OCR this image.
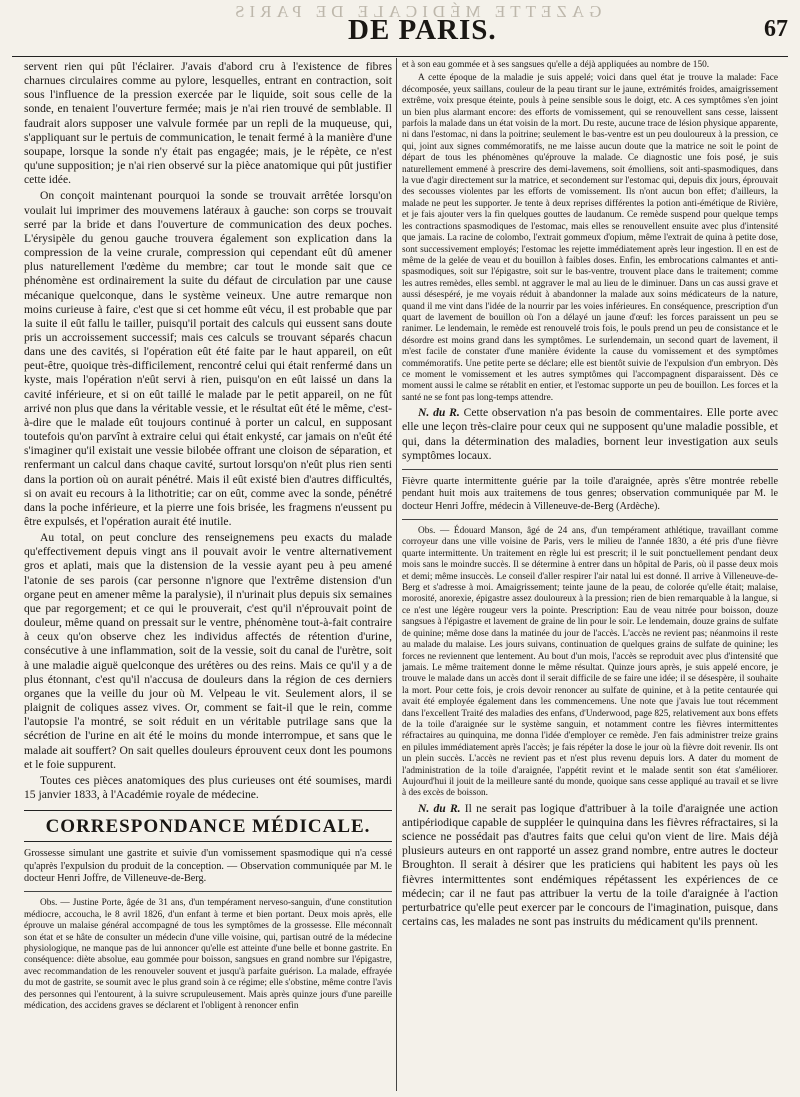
GAZETTE MÉDICALE DE PARIS
DE PARIS.	67

servent rien qui pût l'éclairer. J'avais d'abord cru à l'existence de fibres charnues circulaires comme au pylore, lesquelles, entrant en contraction, soit sous l'influence de la pression exercée par le liquide, soit sous celle de la sonde, en tenaient l'ouverture fermée; mais je n'ai rien trouvé de semblable. Il faudrait alors supposer une valvule formée par un repli de la muqueuse, qui, s'appliquant sur le pertuis de communication, le tenait fermé à la manière d'une soupape, lorsque la sonde n'y était pas engagée; mais, je le répète, ce n'est qu'une supposition; je n'ai rien observé sur la pièce anatomique qui pût justifier cette idée.

On conçoit maintenant pourquoi la sonde se trouvait arrêtée lorsqu'on voulait lui imprimer des mouvemens latéraux à gauche: son corps se trouvait serré par la bride et dans l'ouverture de communication des deux poches. L'érysipèle du genou gauche trouvera également son explication dans la compression de la veine crurale, compression qui cependant eût dû amener plus naturellement l'œdème du membre; car tout le monde sait que ce phénomène est ordinairement la suite du défaut de circulation par une cause mécanique quelconque, dans le système veineux. Une autre remarque non moins curieuse à faire, c'est que si cet homme eût vécu, il est probable que par la suite il eût fallu le tailler, puisqu'il portait des calculs qui eussent sans doute pris un accroissement successif; mais ces calculs se trouvant séparés chacun dans une des cavités, si l'opération eût été faite par le haut appareil, on eût peut-être, quoique très-difficilement, rencontré celui qui était renfermé dans un kyste, mais l'opération n'eût servi à rien, puisqu'on en eût laissé un dans la cavité inférieure, et si on eût taillé le malade par le petit appareil, on ne fût arrivé non plus que dans la véritable vessie, et le résultat eût été le même, c'est-à-dire que le malade eût toujours continué à porter un calcul, en supposant toutefois qu'on parvînt à extraire celui qui était enkysté, car jamais on n'eût été s'imaginer qu'il existait une vessie bilobée offrant une cloison de séparation, et renfermant un calcul dans chaque cavité, surtout lorsqu'on n'eût plus rien senti dans la portion où on aurait pénétré. Mais il eût existé bien d'autres difficultés, si on avait eu recours à la lithotritie; car on eût, comme avec la sonde, pénétré dans la poche inférieure, et la pierre une fois brisée, les fragmens n'eussent pu être expulsés, et l'opération aurait été inutile.

Au total, on peut conclure des renseignemens peu exacts du malade qu'effectivement depuis vingt ans il pouvait avoir le ventre alternativement gros et aplati, mais que la distension de la vessie ayant peu à peu amené l'atonie de ses parois (car personne n'ignore que l'extrême distension d'un organe peut en amener même la paralysie), il n'urinait plus depuis six semaines que par regorgement; et ce qui le prouverait, c'est qu'il n'éprouvait point de douleur, même quand on pressait sur le ventre, phénomène tout-à-fait contraire à ceux qu'on observe chez les individus affectés de rétention d'urine, consécutive à une inflammation, soit de la vessie, soit du canal de l'urètre, soit à une maladie aiguë quelconque des urétères ou des reins. Mais ce qu'il y a de plus étonnant, c'est qu'il n'accusa de douleurs dans la région de ces derniers organes que la veille du jour où M. Velpeau le vit. Seulement alors, il se plaignit de coliques assez vives. Or, comment se fait-il que le rein, comme l'autopsie l'a montré, se soit réduit en un véritable putrilage sans que la sécrétion de l'urine en ait été le moins du monde interrompue, et sans que le malade ait souffert? On sait quelles douleurs éprouvent ceux dont les poumons et le foie suppurent.

Toutes ces pièces anatomiques des plus curieuses ont été soumises, mardi 15 janvier 1833, à l'Académie royale de médecine.

CORRESPONDANCE MÉDICALE.

Grossesse simulant une gastrite et suivie d'un vomissement spasmodique qui n'a cessé qu'après l'expulsion du produit de la conception. — Observation communiquée par M. le docteur Henri Joffre, de Villeneuve-de-Berg.

Obs. — Justine Porte, âgée de 31 ans, d'un tempérament nerveso-sanguin, d'une constitution médiocre, accoucha, le 8 avril 1826, d'un enfant à terme et bien portant. Deux mois après, elle éprouve un malaise général accompagné de tous les symptômes de la grossesse. Elle méconnaît son état et se hâte de consulter un médecin d'une ville voisine, qui, partisan outré de la médecine physiologique, ne manque pas de lui annoncer qu'elle est atteinte d'une belle et bonne gastrite. En conséquence: diète absolue, eau gommée pour boisson, sangsues en grand nombre sur l'épigastre, avec recommandation de les renouveler souvent et jusqu'à parfaite guérison. La malade, effrayée du mot de gastrite, se soumit avec le plus grand soin à ce régime; elle s'obstine, même contre l'avis des personnes qui l'entourent, à la suivre scrupuleusement. Mais après quinze jours d'une pareille médication, des accidens graves se déclarent et l'obligent à renoncer enfin

et à son eau gommée et à ses sangsues qu'elle a déjà appliquées au nombre de 150.

A cette époque de la maladie je suis appelé; voici dans quel état je trouve la malade: Face décomposée, yeux saillans, couleur de la peau tirant sur le jaune, extrémités froides, amaigrissement extrême, voix presque éteinte, pouls à peine sensible sous le doigt, etc. A ces symptômes s'en joint un bien plus alarmant encore: des efforts de vomissement, qui se renouvellent sans cesse, laissent parfois la malade dans un état voisin de la mort. Du reste, aucune trace de lésion physique apparente, ni dans l'estomac, ni dans la poitrine; seulement le bas-ventre est un peu douloureux à la pression, ce qui, joint aux signes commémoratifs, ne me laisse aucun doute que la matrice ne soit le point de départ de tous les phénomènes qu'éprouve la malade. Ce diagnostic une fois posé, je suis naturellement emmené à prescrire des demi-lavemens, soit émolliens, soit anti-spasmodiques, dans la vue d'agir directement sur la matrice, et secondement sur l'estomac qui, depuis dix jours, éprouvait des secousses violentes par les efforts de vomissement. Ils n'ont aucun bon effet; d'ailleurs, la malade ne peut les supporter. Je tente à deux reprises différentes la potion anti-émétique de Rivière, et je fais ajouter vers la fin quelques gouttes de laudanum. Ce remède suspend pour quelque temps les contractions spasmodiques de l'estomac, mais elles se renouvellent ensuite avec plus d'intensité que jamais. La racine de colombo, l'extrait gommeux d'opium, même l'extrait de quina à petite dose, sont successivement employés; l'estomac les rejette immédiatement après leur ingestion. Il en est de même de la gelée de veau et du bouillon à faibles doses. Enfin, les embrocations calmantes et anti-spasmodiques, soit sur l'épigastre, soit sur le bas-ventre, trouvent place dans le traitement; comme les autres remèdes, elles sembl. nt aggraver le mal au lieu de le diminuer. Dans un cas aussi grave et aussi désespéré, je me voyais réduit à abandonner la malade aux soins médicateurs de la nature, quand il me vint dans l'idée de la nourrir par les voies inférieures. En conséquence, prescription d'un quart de lavement de bouillon où l'on a délayé un jaune d'œuf: les forces paraissent un peu se ranimer. Le lendemain, le remède est renouvelé trois fois, le pouls prend un peu de consistance et le désordre est moins grand dans les symptômes. Le surlendemain, un second quart de lavement, il m'est facile de constater d'une manière évidente la cause du vomissement et des symptômes commémoratifs. Une petite perte se déclare; elle est bientôt suivie de l'expulsion d'un embryon. Dès ce moment le vomissement et les autres symptômes qui l'accompagnent disparaissent. Dès ce moment aussi le calme se rétablit en entier, et l'estomac supporte un peu de bouillon. Les forces et la santé ne se font pas long-temps attendre.

N. du R. Cette observation n'a pas besoin de commentaires. Elle porte avec elle une leçon très-claire pour ceux qui ne supposent qu'une maladie possible, et qui, dans la détermination des maladies, bornent leur investigation aux seuls symptômes locaux.

Fièvre quarte intermittente guérie par la toile d'araignée, après s'être montrée rebelle pendant huit mois aux traitemens de tous genres; observation communiquée par M. le docteur Henri Joffre, médecin à Villeneuve-de-Berg (Ardèche).

Obs. — Édouard Manson, âgé de 24 ans, d'un tempérament athlétique, travaillant comme corroyeur dans une ville voisine de Paris, vers le milieu de l'année 1830, a été pris d'une fièvre quarte intermittente. Un traitement en règle lui est prescrit; il le suit ponctuellement pendant deux mois sans le moindre succès. Il se détermine à entrer dans un hôpital de Paris, où il passe deux mois et demi; même insuccès. Le conseil d'aller respirer l'air natal lui est donné. Il arrive à Villeneuve-de-Berg et s'adresse à moi. Amaigrissement; teinte jaune de la peau, de colorée qu'elle était; malaise, morosité, anorexie, épigastre assez douloureux à la pression; rien de bien remarquable à la langue, si ce n'est une légère rougeur vers la pointe. Prescription: Eau de veau nitrée pour boisson, douze sangsues à l'épigastre et lavement de graine de lin pour le soir. Le lendemain, douze grains de sulfate de quinine; même dose dans la matinée du jour de l'accès. L'accès ne revient pas; néanmoins il reste au malade du malaise. Les jours suivans, continuation de quelques grains de sulfate de quinine; les forces ne reviennent que lentement. Au bout d'un mois, l'accès se reproduit avec plus d'intensité que jamais. Le même traitement donne le même résultat. Quinze jours après, je suis appelé encore, je trouve le malade dans un accès dont il serait difficile de se faire une idée; il se désespère, il souhaite la mort. Pour cette fois, je crois devoir renoncer au sulfate de quinine, et à la petite centaurée qui avait été employée également dans les commencemens. Une note que j'avais lue tout récemment dans l'excellent Traité des maladies des enfans, d'Underwood, page 825, relativement aux bons effets de la toile d'araignée sur le système sanguin, et notamment contre les fièvres intermittentes réfractaires au quinquina, me donna l'idée d'employer ce remède. J'en fais administrer treize grains en pilules immédiatement après l'accès; je fais répéter la dose le jour où la fièvre doit revenir. Ils ont un plein succès. L'accès ne revient pas et n'est plus revenu depuis lors. A dater du moment de l'administration de la toile d'araignée, l'appétit revint et le malade sentit son état s'améliorer. Aujourd'hui il jouit de la meilleure santé du monde, quoique sans cesse appliqué au travail et se livre à des excès de boisson.

N. du R. Il ne serait pas logique d'attribuer à la toile d'araignée une action antipériodique capable de suppléer le quinquina dans les fièvres réfractaires, si la science ne possédait pas d'autres faits que celui qu'on vient de lire. Mais déjà plusieurs auteurs en ont rapporté un assez grand nombre, entre autres le docteur Broughton. Il serait à désirer que les praticiens qui habitent les pays où les fièvres intermittentes sont endémiques répétassent les expériences de ce médecin; car il ne faut pas attribuer la vertu de la toile d'araignée à l'action perturbatrice qu'elle peut exercer par le concours de l'imagination, puisque, dans certains cas, les malades ne sont pas instruits du médicament qu'ils prennent.
